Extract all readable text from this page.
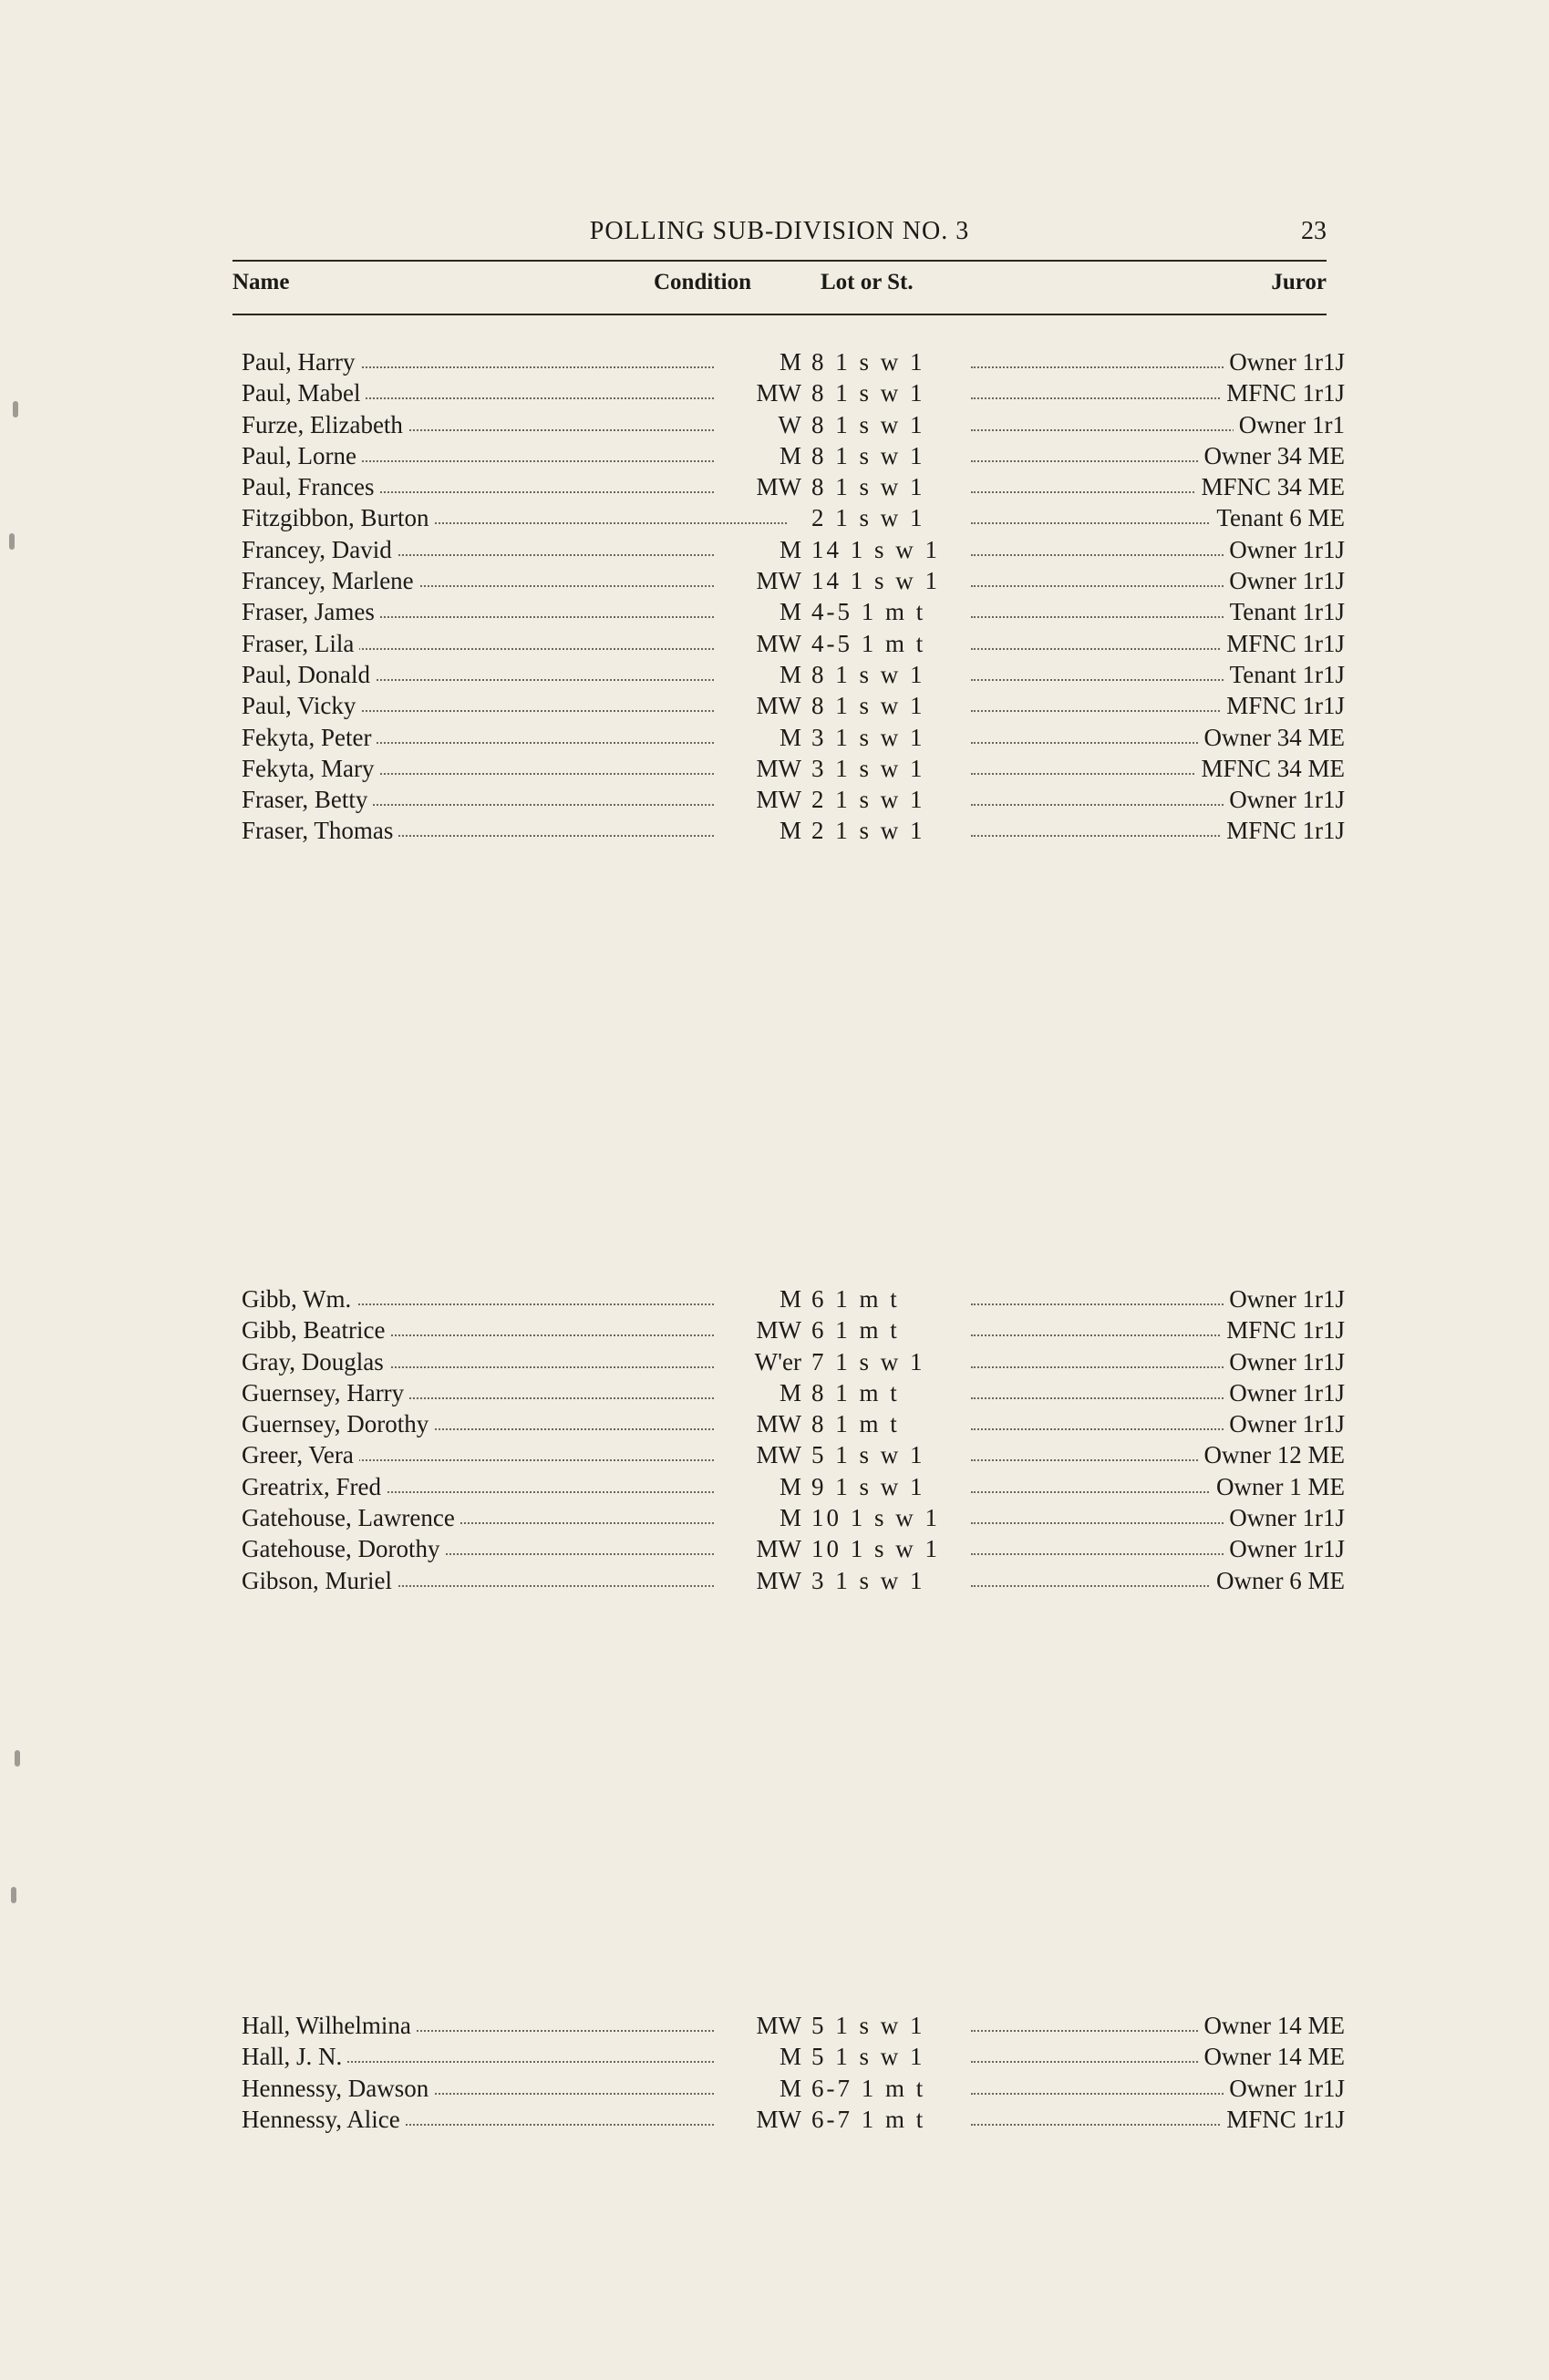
POLLING SUB-DIVISION NO. 3	23
Name	Condition	Lot or St.	Juror
Paul, Harry	M 8 1 s w 1	Owner 1r1J
Paul, Mabel	MW 8 1 s w 1	MFNC 1r1J
Furze, Elizabeth	W 8 1 s w 1	Owner 1r1
Paul, Lorne	M 8 1 s w 1	Owner 34 ME
Paul, Frances	MW 8 1 s w 1	MFNC 34 ME
Fitzgibbon, Burton	2 1 s w 1	Tenant 6 ME
Francey, David	M 14 1 s w 1	Owner 1r1J
Francey, Marlene	MW 14 1 s w 1	Owner 1r1J
Fraser, James	M 4-5 1 m t	Tenant 1r1J
Fraser, Lila	MW 4-5 1 m t	MFNC 1r1J
Paul, Donald	M 8 1 s w 1	Tenant 1r1J
Paul, Vicky	MW 8 1 s w 1	MFNC 1r1J
Fekyta, Peter	M 3 1 s w 1	Owner 34 ME
Fekyta, Mary	MW 3 1 s w 1	MFNC 34 ME
Fraser, Betty	MW 2 1 s w 1	Owner 1r1J
Fraser, Thomas	M 2 1 s w 1	MFNC 1r1J
Gibb, Wm.	M 6 1 m t	Owner 1r1J
Gibb, Beatrice	MW 6 1 m t	MFNC 1r1J
Gray, Douglas	W'er 7 1 s w 1	Owner 1r1J
Guernsey, Harry	M 8 1 m t	Owner 1r1J
Guernsey, Dorothy	MW 8 1 m t	Owner 1r1J
Greer, Vera	MW 5 1 s w 1	Owner 12 ME
Greatrix, Fred	M 9 1 s w 1	Owner 1 ME
Gatehouse, Lawrence	M 10 1 s w 1	Owner 1r1J
Gatehouse, Dorothy	MW 10 1 s w 1	Owner 1r1J
Gibson, Muriel	MW 3 1 s w 1	Owner 6 ME
Hall, Wilhelmina	MW 5 1 s w 1	Owner 14 ME
Hall, J. N.	M 5 1 s w 1	Owner 14 ME
Hennessy, Dawson	M 6-7 1 m t	Owner 1r1J
Hennessy, Alice	MW 6-7 1 m t	MFNC 1r1J
